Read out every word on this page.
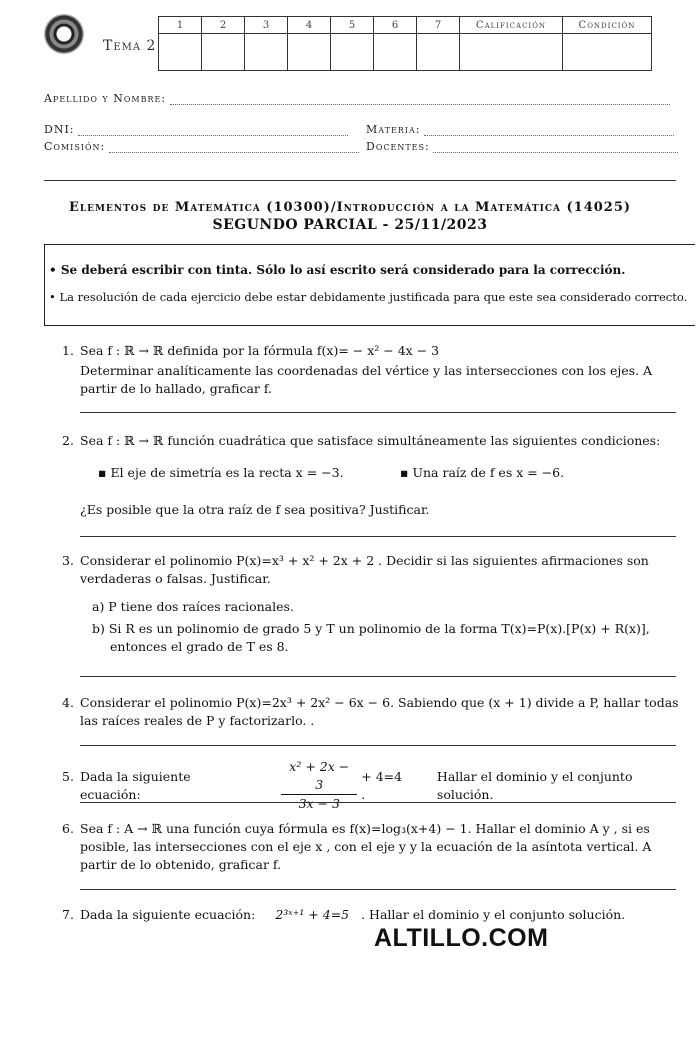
Tema 2
1	2	3	4	5	6	7	Calificación	Condición

Apellido y Nombre:
DNI:	Materia:
Comisión:	Docentes:
Elementos de Matemática (10300)/Introducción a la Matemática (14025)
SEGUNDO PARCIAL - 25/11/2023
• Se deberá escribir con tinta. Sólo lo así escrito será considerado para la corrección.
• La resolución de cada ejercicio debe estar debidamente justificada para que este sea considerado correcto.
1. Sea f : ℝ → ℝ definida por la fórmula f(x)= − x² − 4x − 3
Determinar analíticamente las coordenadas del vértice y las intersecciones con los ejes. A partir de lo hallado, graficar f.
2. Sea f : ℝ → ℝ función cuadrática que satisface simultáneamente las siguientes condiciones:
▪ El eje de simetría es la recta x = −3.	▪ Una raíz de f es x = −6.
¿Es posible que la otra raíz de f sea positiva? Justificar.
3. Considerar el polinomio P(x)=x³ + x² + 2x + 2 . Decidir si las siguientes afirmaciones son verdaderas o falsas. Justificar.
a) P tiene dos raíces racionales.
b) Si R es un polinomio de grado 5 y T un polinomio de la forma T(x)=P(x).[P(x) + R(x)], entonces el grado de T es 8.
4. Considerar el polinomio P(x)=2x³ + 2x² − 6x − 6. Sabiendo que (x + 1) divide a P, hallar todas las raíces reales de P y factorizarlo. .
5. Dada la siguiente ecuación:	$\frac{\text{x² + 2x − 3}}{3x - 3} + 4=4$ .
Hallar el dominio y el conjunto solución.
6. Sea f : A → ℝ una función cuya fórmula es f(x)=log₃(x+4) − 1. Hallar el dominio A y , si es posible, las intersecciones con el eje x , con el eje y y la ecuación de la asíntota vertical. A partir de lo obtenido, graficar f.
7. Dada la siguiente ecuación: 2³ˣ⁺¹ + 4=5 . Hallar el dominio y el conjunto solución.
ALTILLO.COM
